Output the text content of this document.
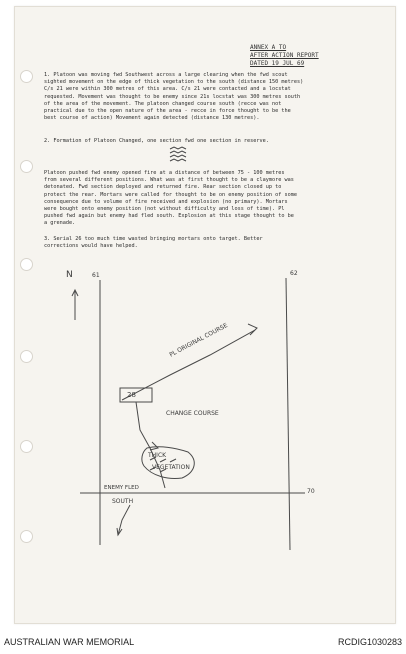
ANNEX A TO
AFTER ACTION REPORT
DATED 19 JUL 69
1. Platoon was moving fwd Southwest across a large clearing when the fwd scout
sighted movement on the edge of thick vegetation to the south (distance 150 metres)
C/s 21 were within 300 metres of this area. C/s 21 were contacted and a locstat
requested. Movement was thought to be enemy since 21s locstat was 300 metres south
of the area of the movement. The platoon changed course south (recce was not
practical due to the open nature of the area - recce in force thought to be the
best course of action) Movement again detected (distance 130 metres).
2. Formation of Platoon Changed, one section fwd one section in reserve.
Platoon pushed fwd enemy opened fire at a distance of between 75 - 100 metres
from several different positions. What was at first thought to be a claymore was
detonated. Fwd section deployed and returned fire. Rear section closed up to
protect the rear. Mortars were called for thought to be on enemy position of some
consequence due to volume of fire received and explosion (no primary). Mortars
were bought onto enemy position (not without difficulty and loss of time). Pl
pushed fwd again but enemy had fled south. Explosion at this stage thought to be
a grenade.
3. Serial 26 too much time wasted bringing mortars onto target. Better
corrections would have helped.
N	61	62
70
PL ORIGINAL COURSE
28
CHANGE COURSE
THICK
VEGETATION
ENEMY FLED
SOUTH
AUSTRALIAN WAR MEMORIAL	RCDIG1030283
